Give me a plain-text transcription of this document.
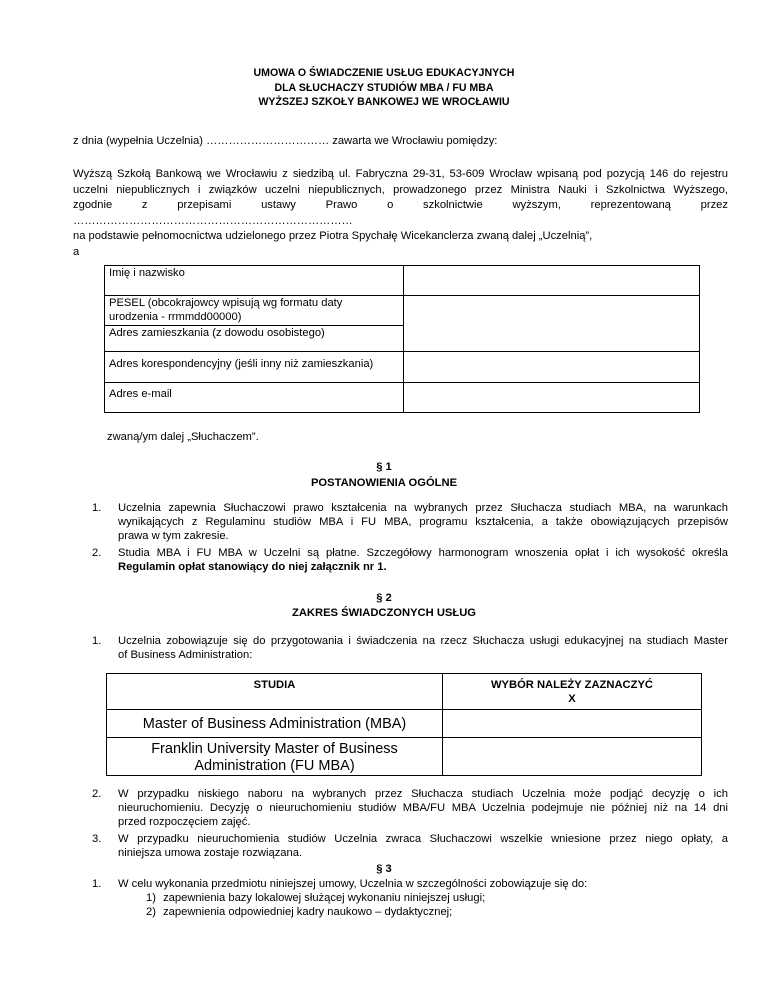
UMOWA O ŚWIADCZENIE USŁUG EDUKACYJNYCH
DLA SŁUCHACZY STUDIÓW MBA / FU MBA
WYŻSZEJ SZKOŁY BANKOWEJ WE WROCŁAWIU
z dnia (wypełnia Uczelnia) …………………………… zawarta we Wrocławiu pomiędzy:
Wyższą Szkołą Bankową we Wrocławiu z siedzibą ul. Fabryczna 29-31, 53-609 Wrocław wpisaną pod pozycją 146 do rejestru
uczelni niepublicznych i związków uczelni niepublicznych, prowadzonego przez Ministra Nauki i Szkolnictwa Wyższego,
zgodnie z przepisami ustawy Prawo o szkolnictwie wyższym, reprezentowaną przez …………………………………………………………………
na podstawie pełnomocnictwa udzielonego przez Piotra Spychałę Wicekanclerza zwaną dalej „Uczelnią”,
a
Imię i nazwisko	

PESEL (obcokrajowcy wpisują wg formatu daty
urodzenia - rrmmdd00000)	

Adres zamieszkania (z dowodu osobistego)	
Adres korespondencyjny (jeśli inny niż zamieszkania)	
Adres e-mail	
zwaną/ym dalej „Słuchaczem”.
§ 1
POSTANOWIENIA OGÓLNE
1. Uczelnia zapewnia Słuchaczowi prawo kształcenia na wybranych przez Słuchacza studiach MBA, na warunkach
wynikających z Regulaminu studiów MBA i FU MBA, programu kształcenia, a także obowiązujących przepisów
prawa w tym zakresie.
2. Studia MBA i FU MBA w Uczelni są płatne. Szczegółowy harmonogram wnoszenia opłat i ich wysokość określa
Regulamin opłat stanowiący do niej załącznik nr 1.
§ 2
ZAKRES ŚWIADCZONYCH USŁUG
1. Uczelnia zobowiązuje się do przygotowania i świadczenia na rzecz Słuchacza usługi edukacyjnej na studiach Master
of Business Administration:
STUDIA	WYBÓR NALEŻY ZAZNACZYĆ
X

Master of Business Administration (MBA)	

Franklin University Master of Business
Administration (FU MBA)	

2. W przypadku niskiego naboru na wybranych przez Słuchacza studiach Uczelnia może podjąć decyzję o ich
nieuruchomieniu. Decyzję o nieuruchomieniu studiów MBA/FU MBA Uczelnia podejmuje nie później niż na 14 dni
przed rozpoczęciem zajęć.
3. W przypadku nieuruchomienia studiów Uczelnia zwraca Słuchaczowi wszelkie wniesione przez niego opłaty, a
niniejsza umowa zostaje rozwiązana.
§ 3
1. W celu wykonania przedmiotu niniejszej umowy, Uczelnia w szczególności zobowiązuje się do:
1) zapewnienia bazy lokalowej służącej wykonaniu niniejszej usługi;
2) zapewnienia odpowiedniej kadry naukowo – dydaktycznej;
